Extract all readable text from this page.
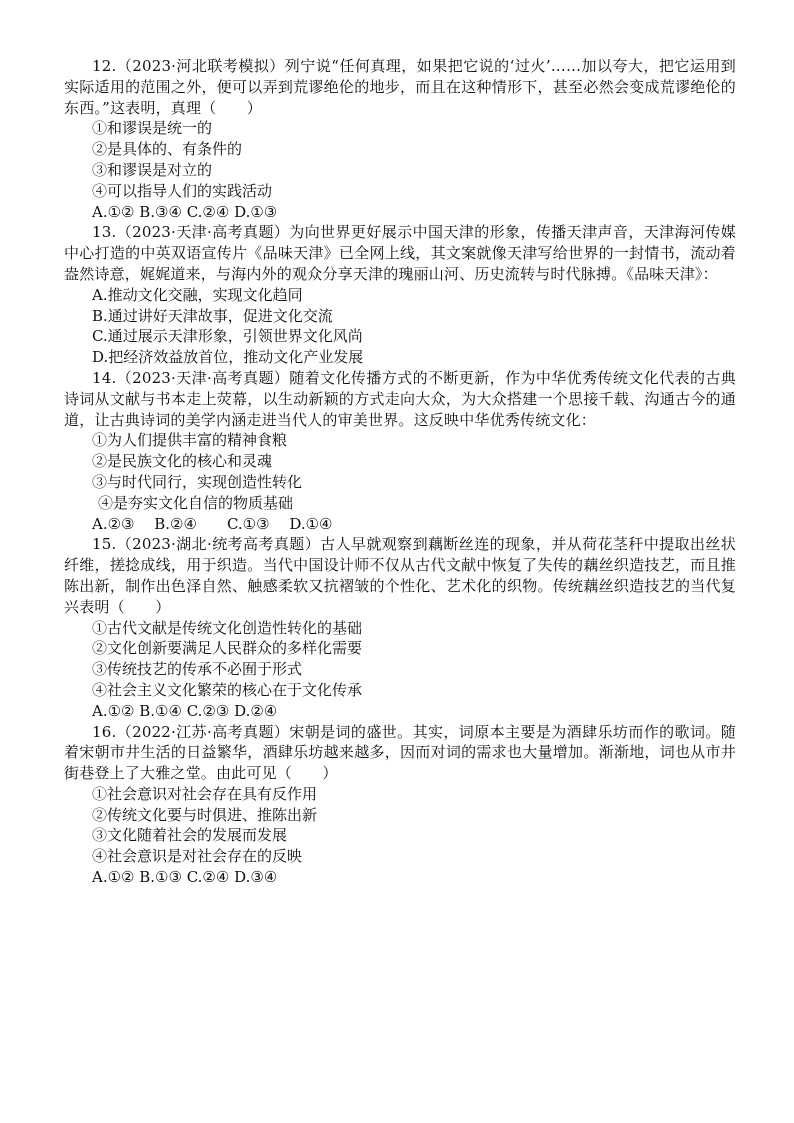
12.（2023·河北联考模拟）列宁说“任何真理，如果把它说的‘过火’……加以夸大，把它运用到实际适用的范围之外，便可以弄到荒谬绝伦的地步，而且在这种情形下，甚至必然会变成荒谬绝伦的东西。”这表明，真理（　　）

①和谬误是统一的

②是具体的、有条件的

③和谬误是对立的

④可以指导人们的实践活动

A.①② B.③④ C.②④ D.①③

13.（2023·天津·高考真题）为向世界更好展示中国天津的形象，传播天津声音，天津海河传媒中心打造的中英双语宣传片《品味天津》已全网上线，其文案就像天津写给世界的一封情书，流动着盎然诗意，娓娓道来，与海内外的观众分享天津的瑰丽山河、历史流转与时代脉搏。《品味天津》：

A.推动文化交融，实现文化趋同

B.通过讲好天津故事，促进文化交流

C.通过展示天津形象，引领世界文化风尚

D.把经济效益放首位，推动文化产业发展

14.（2023·天津·高考真题）随着文化传播方式的不断更新，作为中华优秀传统文化代表的古典诗词从文献与书本走上荧幕，以生动新颖的方式走向大众，为大众搭建一个思接千载、沟通古今的通道，让古典诗词的美学内涵走进当代人的审美世界。这反映中华优秀传统文化：

①为人们提供丰富的精神食粮

②是民族文化的核心和灵魂

③与时代同行，实现创造性转化

④是夯实文化自信的物质基础

A.②③　 B.②④　　C.①③　 D.①④

15.（2023·湖北·统考高考真题）古人早就观察到藕断丝连的现象，并从荷花茎秆中提取出丝状纤维，搓捻成线，用于织造。当代中国设计师不仅从古代文献中恢复了失传的藕丝织造技艺，而且推陈出新，制作出色泽自然、触感柔软又抗褶皱的个性化、艺术化的织物。传统藕丝织造技艺的当代复兴表明（　　）

①古代文献是传统文化创造性转化的基础

②文化创新要满足人民群众的多样化需要

③传统技艺的传承不必囿于形式

④社会主义文化繁荣的核心在于文化传承

A.①② B.①④ C.②③ D.②④

16.（2022·江苏·高考真题）宋朝是词的盛世。其实，词原本主要是为酒肆乐坊而作的歌词。随着宋朝市井生活的日益繁华，酒肆乐坊越来越多，因而对词的需求也大量增加。渐渐地，词也从市井街巷登上了大雅之堂。由此可见（　　）

①社会意识对社会存在具有反作用

②传统文化要与时俱进、推陈出新

③文化随着社会的发展而发展

④社会意识是对社会存在的反映

A.①② B.①③ C.②④ D.③④
